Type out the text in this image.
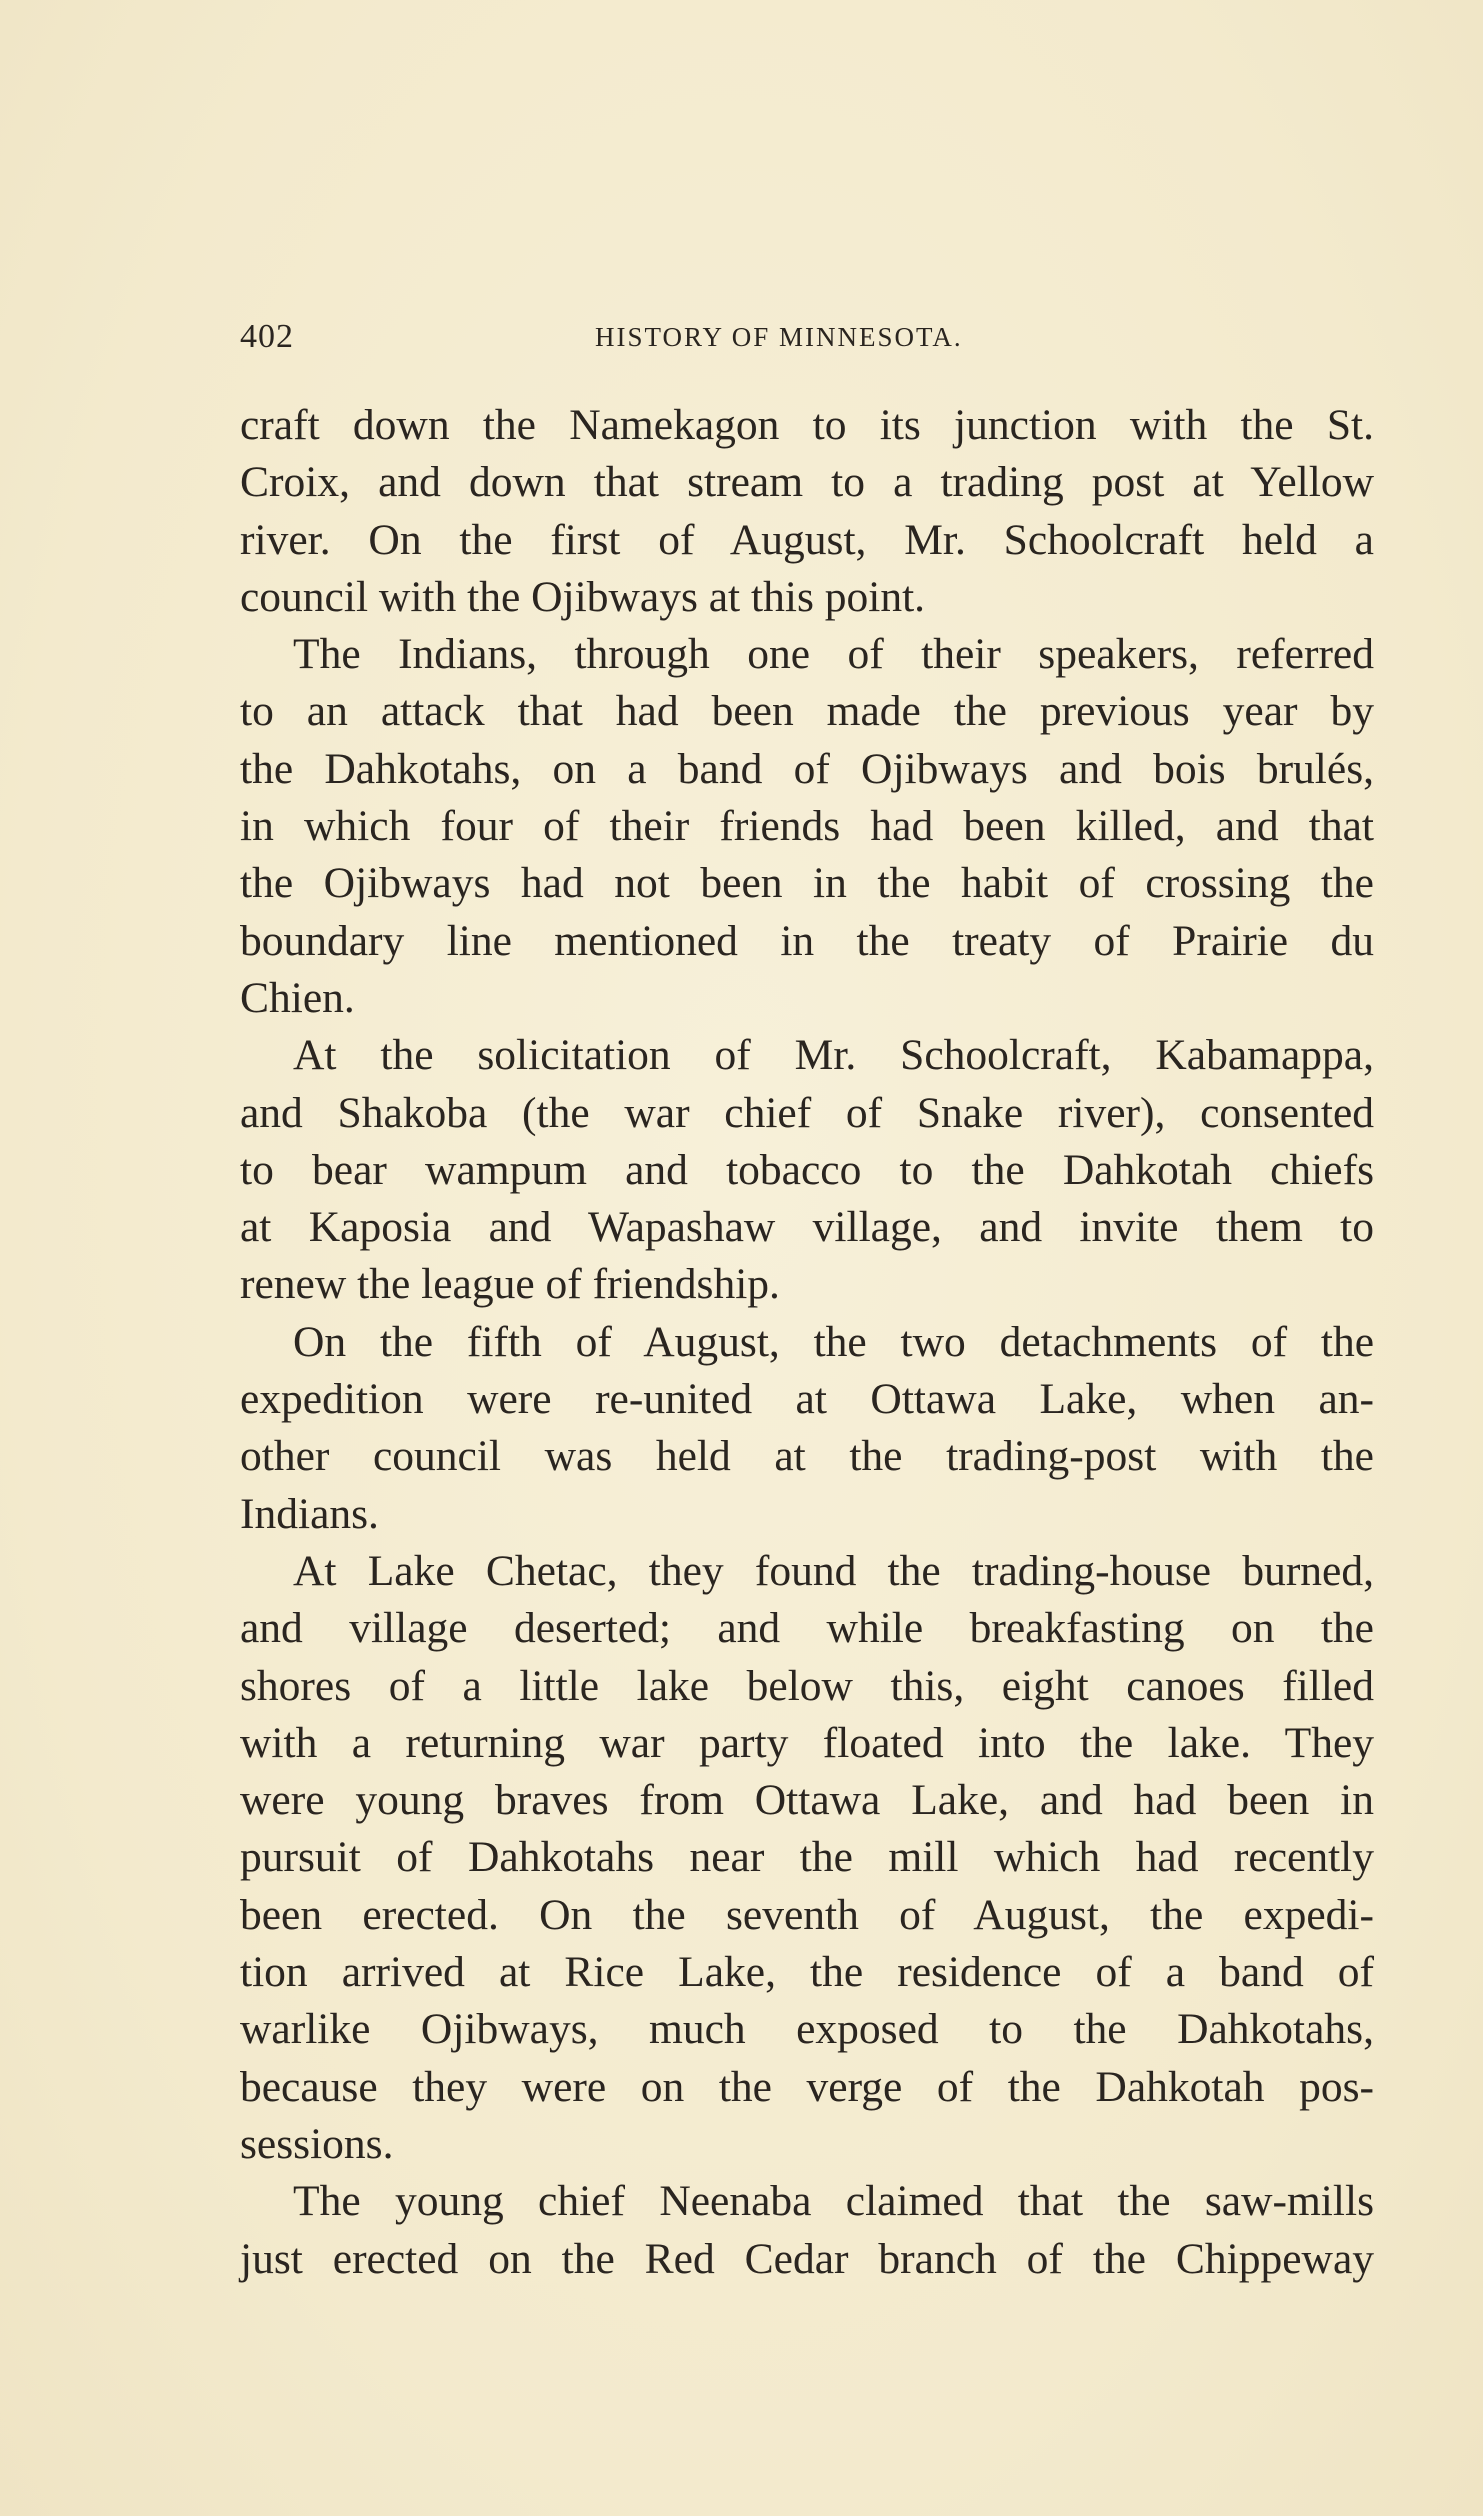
402	HISTORY OF MINNESOTA.

craft down the Namekagon to its junction with the St.

Croix, and down that stream to a trading post at Yellow

river. On the first of August, Mr. Schoolcraft held a

council with the Ojibways at this point.

The Indians, through one of their speakers, referred

to an attack that had been made the previous year by

the Dahkotahs, on a band of Ojibways and bois brulés,

in which four of their friends had been killed, and that

the Ojibways had not been in the habit of crossing the

boundary line mentioned in the treaty of Prairie du

Chien.

At the solicitation of Mr. Schoolcraft, Kabamappa,

and Shakoba (the war chief of Snake river), consented

to bear wampum and tobacco to the Dahkotah chiefs

at Kaposia and Wapashaw village, and invite them to

renew the league of friendship.

On the fifth of August, the two detachments of the

expedition were re-united at Ottawa Lake, when an-

other council was held at the trading-post with the

Indians.

At Lake Chetac, they found the trading-house burned,

and village deserted; and while breakfasting on the

shores of a little lake below this, eight canoes filled

with a returning war party floated into the lake. They

were young braves from Ottawa Lake, and had been in

pursuit of Dahkotahs near the mill which had recently

been erected. On the seventh of August, the expedi-

tion arrived at Rice Lake, the residence of a band of

warlike Ojibways, much exposed to the Dahkotahs,

because they were on the verge of the Dahkotah pos-

sessions.

The young chief Neenaba claimed that the saw-mills

just erected on the Red Cedar branch of the Chippeway
